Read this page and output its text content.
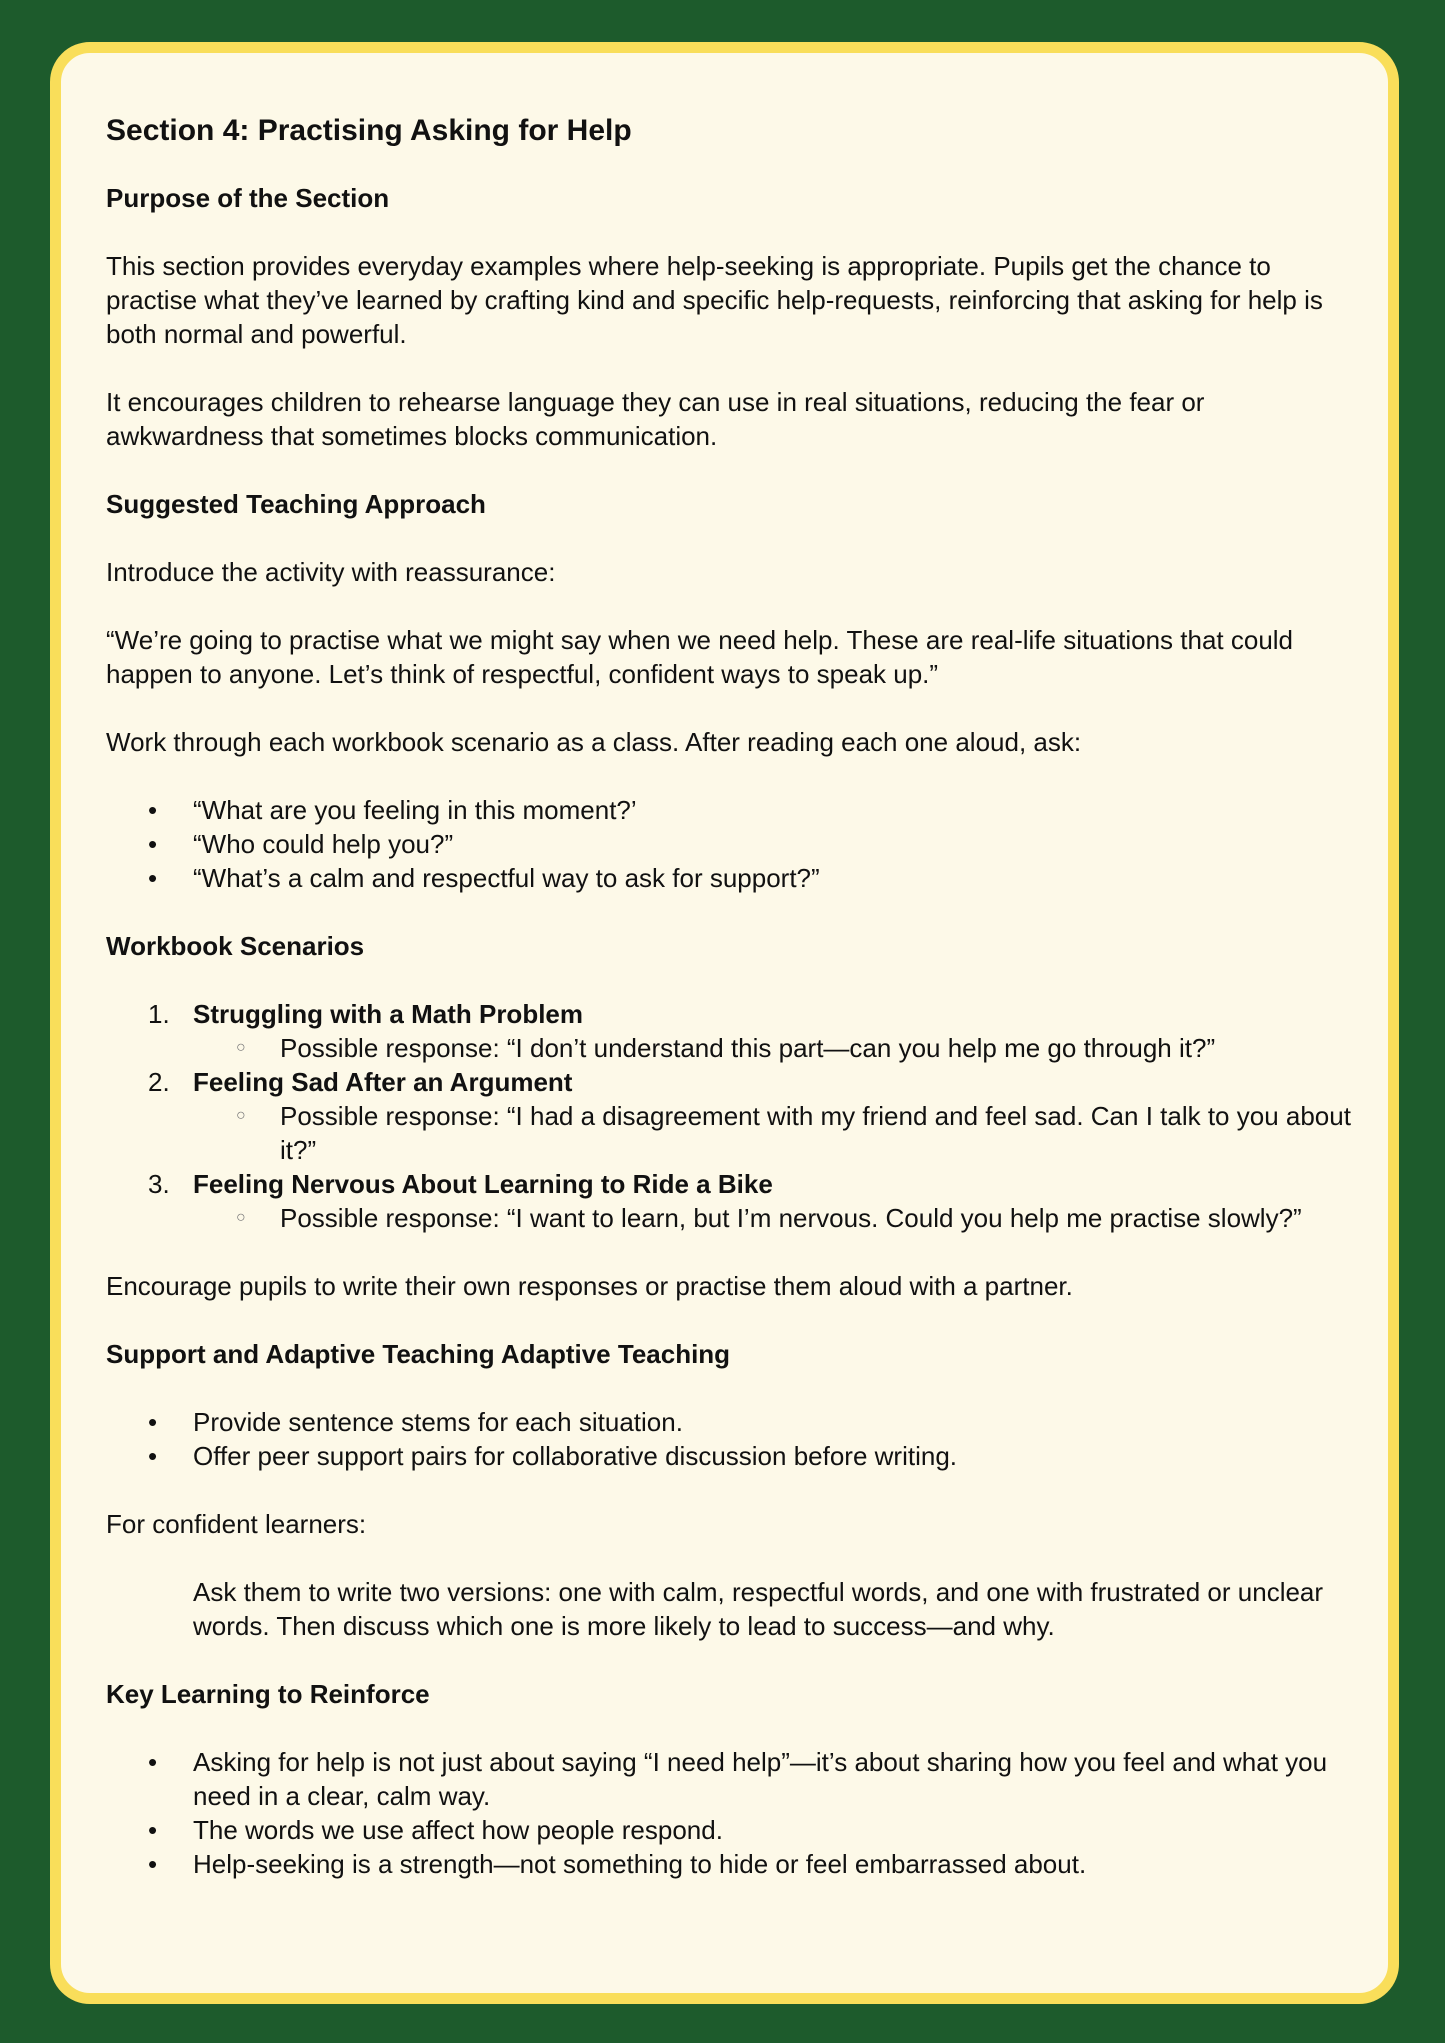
Section 4: Practising Asking for Help
Purpose of the Section

This section provides everyday examples where help-seeking is appropriate. Pupils get the chance to practise what they’ve learned by crafting kind and specific help-requests, reinforcing that asking for help is both normal and powerful.

It encourages children to rehearse language they can use in real situations, reducing the fear or awkwardness that sometimes blocks communication.

Suggested Teaching Approach

Introduce the activity with reassurance:

“We’re going to practise what we might say when we need help. These are real-life situations that could happen to anyone. Let’s think of respectful, confident ways to speak up.”

Work through each workbook scenario as a class. After reading each one aloud, ask:

• “What are you feeling in this moment?’
• “Who could help you?”
• “What’s a calm and respectful way to ask for support?”
Workbook Scenarios
1. Struggling with a Math Problem
○ Possible response: “I don’t understand this part—can you help me go through it?”
2. Feeling Sad After an Argument
○ Possible response: “I had a disagreement with my friend and feel sad. Can I talk to you about it?”
3. Feeling Nervous About Learning to Ride a Bike
○ Possible response: “I want to learn, but I’m nervous. Could you help me practise slowly?”

Encourage pupils to write their own responses or practise them aloud with a partner.

Support and Adaptive Teaching Adaptive Teaching
• Provide sentence stems for each situation.
• Offer peer support pairs for collaborative discussion before writing.

For confident learners:

Ask them to write two versions: one with calm, respectful words, and one with frustrated or unclear words. Then discuss which one is more likely to lead to success—and why.

Key Learning to Reinforce
• Asking for help is not just about saying “I need help”—it’s about sharing how you feel and what you need in a clear, calm way.
• The words we use affect how people respond.
• Help-seeking is a strength—not something to hide or feel embarrassed about.
